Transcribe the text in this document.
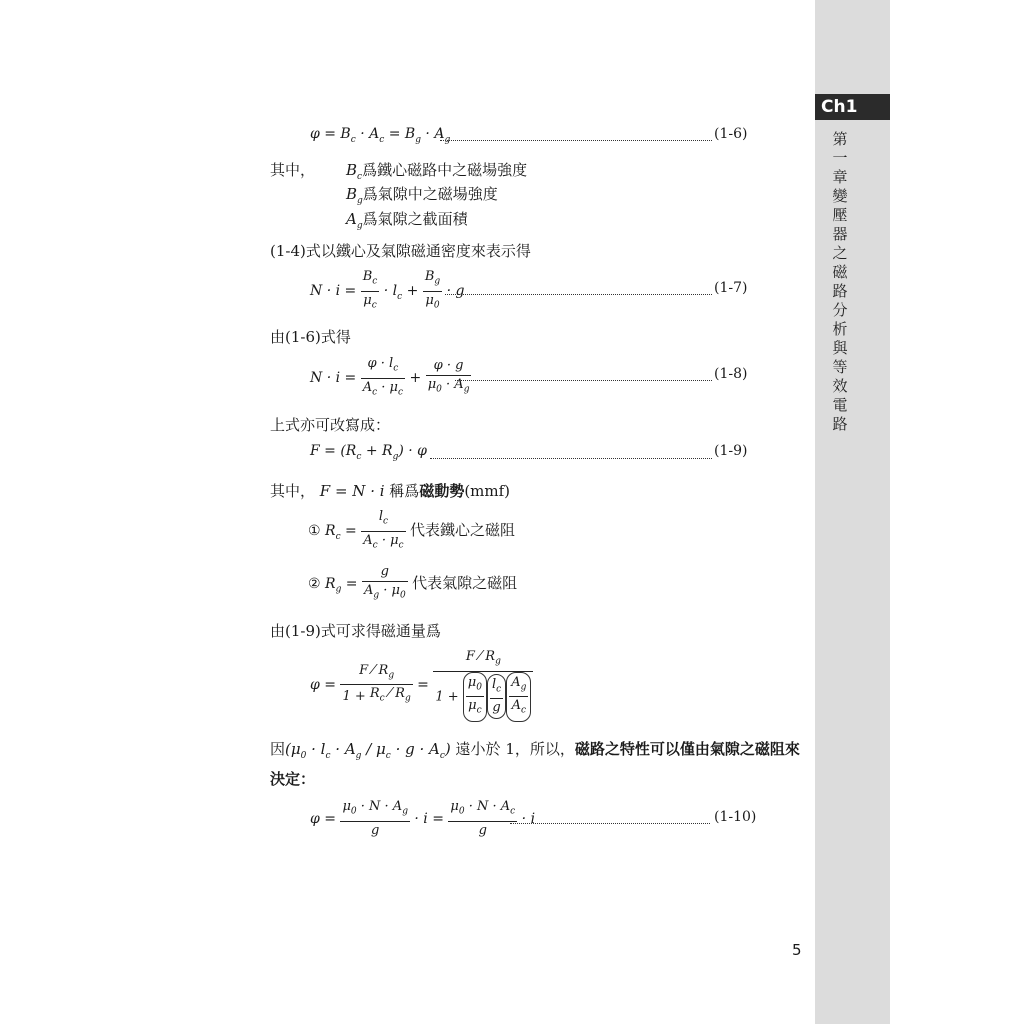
Ch1
第一章 變壓器之磁路分析與等效電路
5
$\varphi = B_c \cdot A_c = B_g \cdot A_g$	(1-6)
其中， $B_c$爲鐵心磁路中之磁場強度
$B_g$爲氣隙中之磁場強度
$A_g$爲氣隙之截面積
(1-4)式以鐵心及氣隙磁通密度來表示得
$N \cdot i = \frac{B_c}{\mu_c} \cdot l_c + \frac{B_g}{\mu_0} \cdot g$	(1-7)
由(1-6)式得
$N \cdot i = \frac{\varphi \cdot l_c}{A_c \cdot \mu_c} + \frac{\varphi \cdot g}{\mu_0 \cdot A_g}$	(1-8)
上式亦可改寫成：
$F = (R_c + R_g) \cdot \varphi$	(1-9)
其中， F = N · i 稱爲磁動勢(mmf)
① $R_c = \frac{l_c}{A_c \cdot \mu_c}$ 代表鐵心之磁阻
② $R_g = \frac{g}{A_g \cdot \mu_0}$ 代表氣隙之磁阻
由(1-9)式可求得磁通量爲
$\varphi = \frac{F ⁄ R_g}{1 + R_c ⁄ R_g} = \frac{F ⁄ R_g}{1 + \frac{\mu_0}{\mu_c} \frac{l_c}{g} \frac{A_g}{A_c}}$
因$(\mu_0 \cdot l_c \cdot A_g / \mu_c \cdot g \cdot A_c)$ 遠小於 1，所以，磁路之特性可以僅由氣隙之磁阻來
決定：
$\varphi = \frac{\mu_0 \cdot N \cdot A_g}{g} \cdot i = \frac{\mu_0 \cdot N \cdot A_c}{g} \cdot i$	(1-10)
